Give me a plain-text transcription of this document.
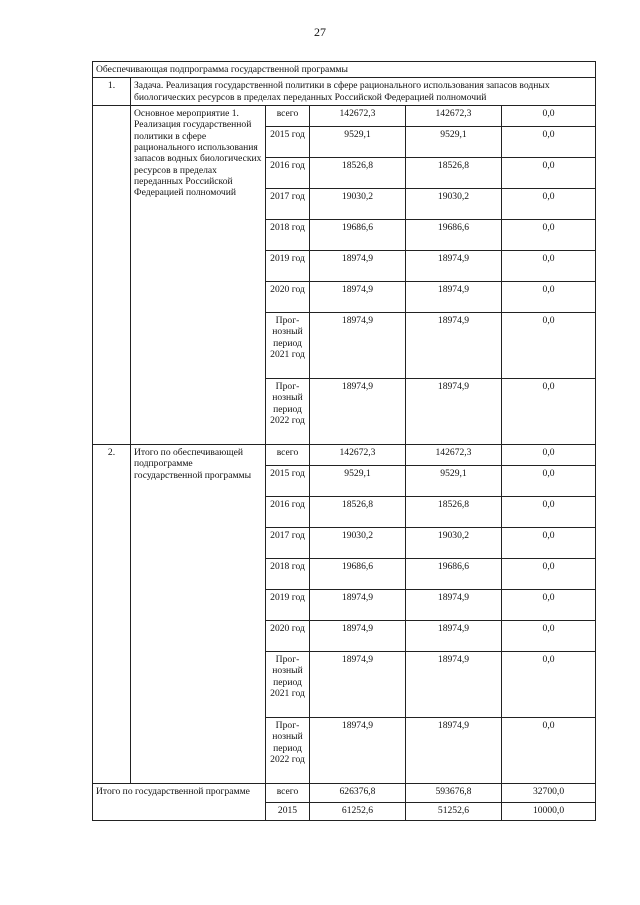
27
Обеспечивающая подпрограмма государственной программы					
1.	Задача. Реализация государственной политики в сфере рационального использования запасов водных биологических ресурсов в пределах переданных Российской Федерацией полномочий				
	Основное мероприятие 1. Реализация государственной политики в сфере рационального использования запасов водных биологических ресурсов в пределах переданных Российской Федерацией полномочий	всего	142672,3	142672,3	0,0
		2015 год	9529,1	9529,1	0,0
		2016 год	18526,8	18526,8	0,0
		2017 год	19030,2	19030,2	0,0
		2018 год	19686,6	19686,6	0,0
		2019 год	18974,9	18974,9	0,0
		2020 год	18974,9	18974,9	0,0
		Прог-нозный период 2021 год	18974,9	18974,9	0,0
		Прог-нозный период 2022 год	18974,9	18974,9	0,0
2.	Итого по обеспечивающей подпрограмме государственной программы	всего	142672,3	142672,3	0,0
		2015 год	9529,1	9529,1	0,0
		2016 год	18526,8	18526,8	0,0
		2017 год	19030,2	19030,2	0,0
		2018 год	19686,6	19686,6	0,0
		2019 год	18974,9	18974,9	0,0
		2020 год	18974,9	18974,9	0,0
		Прог-нозный период 2021 год	18974,9	18974,9	0,0
		Прог-нозный период 2022 год	18974,9	18974,9	0,0
Итого по государственной программе		всего	626376,8	593676,8	32700,0
		2015	61252,6	51252,6	10000,0
